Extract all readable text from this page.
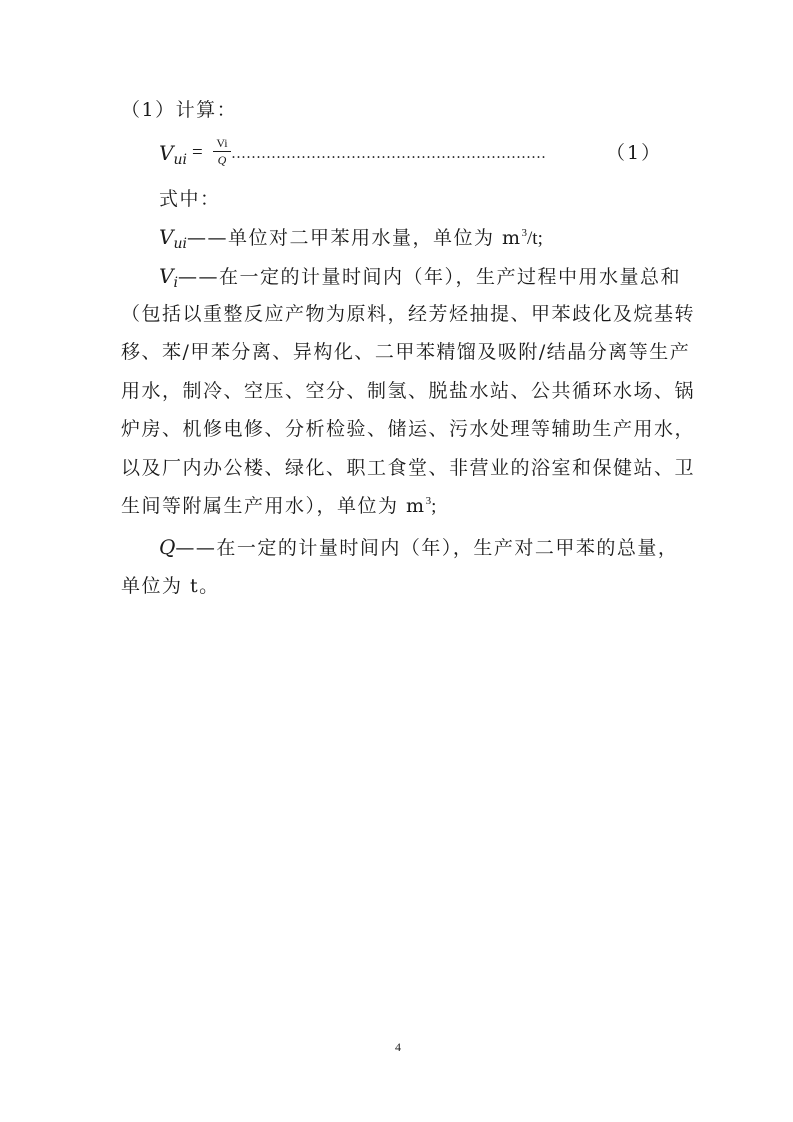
（1）计算：
$V_{ui} = Vi$
Q ………………………………………………………	（1）
式中：
$V_{ui}——$单位对二甲苯用水量，单位为 $m^3/t$;
$V_i——$在一定的计量时间内（年），生产过程中用水量总和
（包括以重整反应产物为原料，经芳烃抽提、甲苯歧化及烷基转
移、苯/甲苯分离、异构化、二甲苯精馏及吸附/结晶分离等生产
用水，制冷、空压、空分、制氢、脱盐水站、公共循环水场、锅
炉房、机修电修、分析检验、储运、污水处理等辅助生产用水，
以及厂内办公楼、绿化、职工食堂、非营业的浴室和保健站、卫
生间等附属生产用水），单位为 $m^3$;
Q——在一定的计量时间内（年），生产对二甲苯的总量，
单位为 t。
4
